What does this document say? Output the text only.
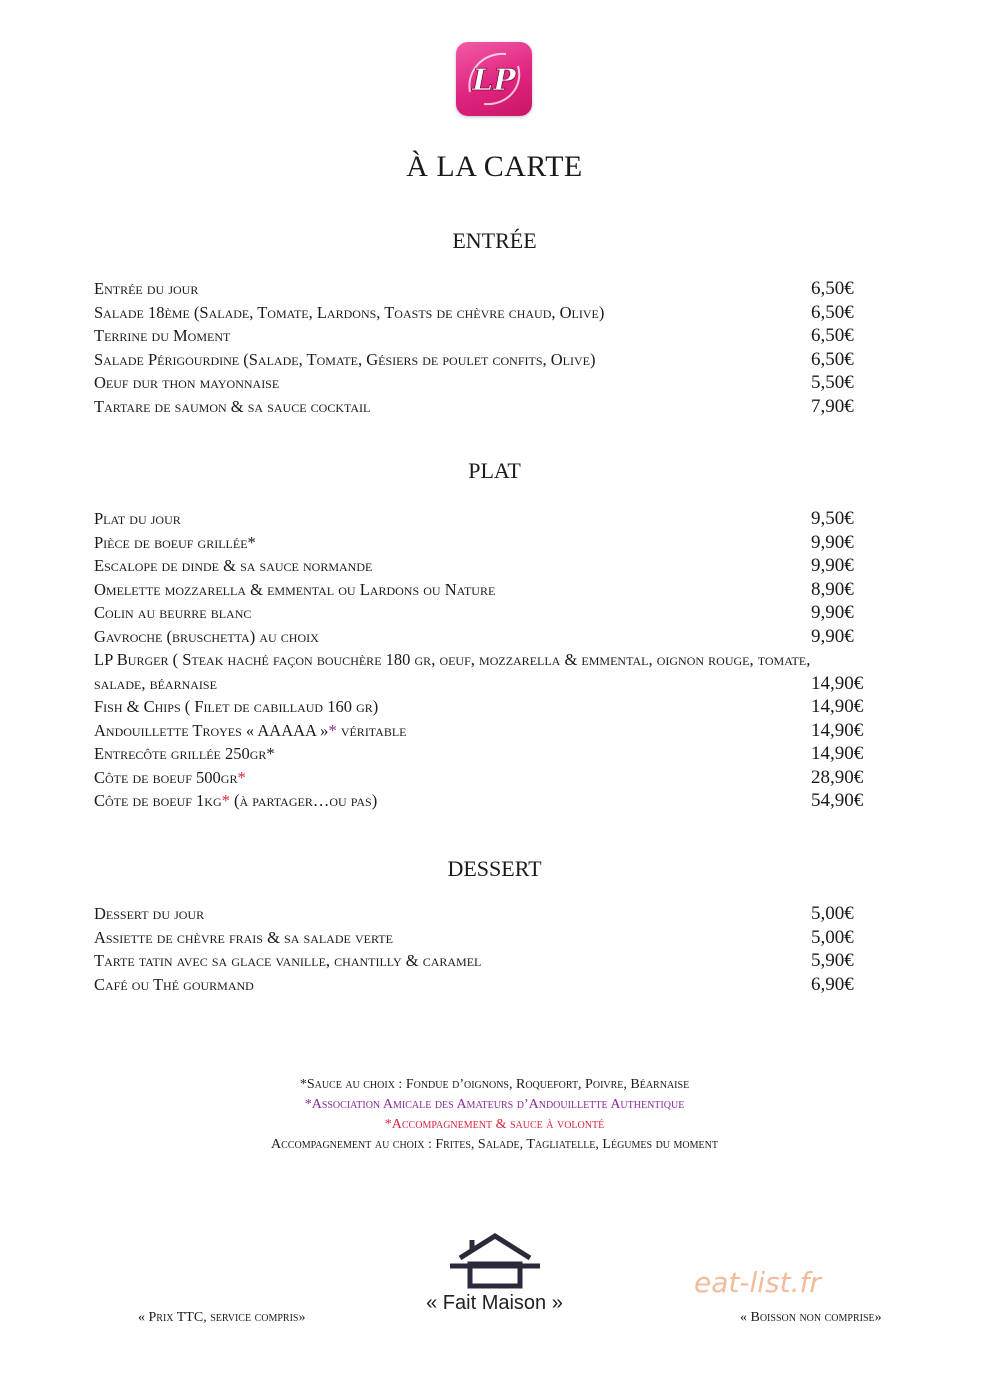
LP
À LA CARTE
ENTRÉE
Entrée du jour	6,50€
Salade 18ème (Salade, Tomate, Lardons, Toasts de chèvre chaud, Olive)	6,50€
Terrine du Moment	6,50€
Salade Périgourdine (Salade, Tomate, Gésiers de poulet confits, Olive)	6,50€
Oeuf dur thon mayonnaise	5,50€
Tartare de saumon & sa sauce cocktail	7,90€
PLAT
Plat du jour	9,50€
Pièce de boeuf grillée*	9,90€
Escalope de dinde & sa sauce normande	9,90€
Omelette mozzarella & emmental ou Lardons ou Nature	8,90€
Colin au beurre blanc	9,90€
Gavroche (bruschetta) au choix	9,90€
LP Burger ( Steak haché façon bouchère 180 gr, oeuf, mozzarella & emmental, oignon rouge, tomate,
salade, béarnaise	14,90€
Fish & Chips ( Filet de cabillaud 160 gr)	14,90€
Andouillette Troyes « AAAAA »* véritable	14,90€
Entrecôte grillée 250gr*	14,90€
Côte de boeuf 500gr*	28,90€
Côte de boeuf 1kg* (à partager…ou pas)	54,90€
DESSERT
Dessert du jour	5,00€
Assiette de chèvre frais & sa salade verte	5,00€
Tarte tatin avec sa glace vanille, chantilly & caramel	5,90€
Café ou Thé gourmand	6,90€
*Sauce au choix : Fondue d’oignons, Roquefort, Poivre, Béarnaise
*Association Amicale des Amateurs d’Andouillette Authentique
*Accompagnement & sauce à volonté
Accompagnement au choix : Frites, Salade, Tagliatelle, Légumes du moment
« Prix TTC, service compris»
« Fait Maison »
eat-list.fr
« Boisson non comprise»
